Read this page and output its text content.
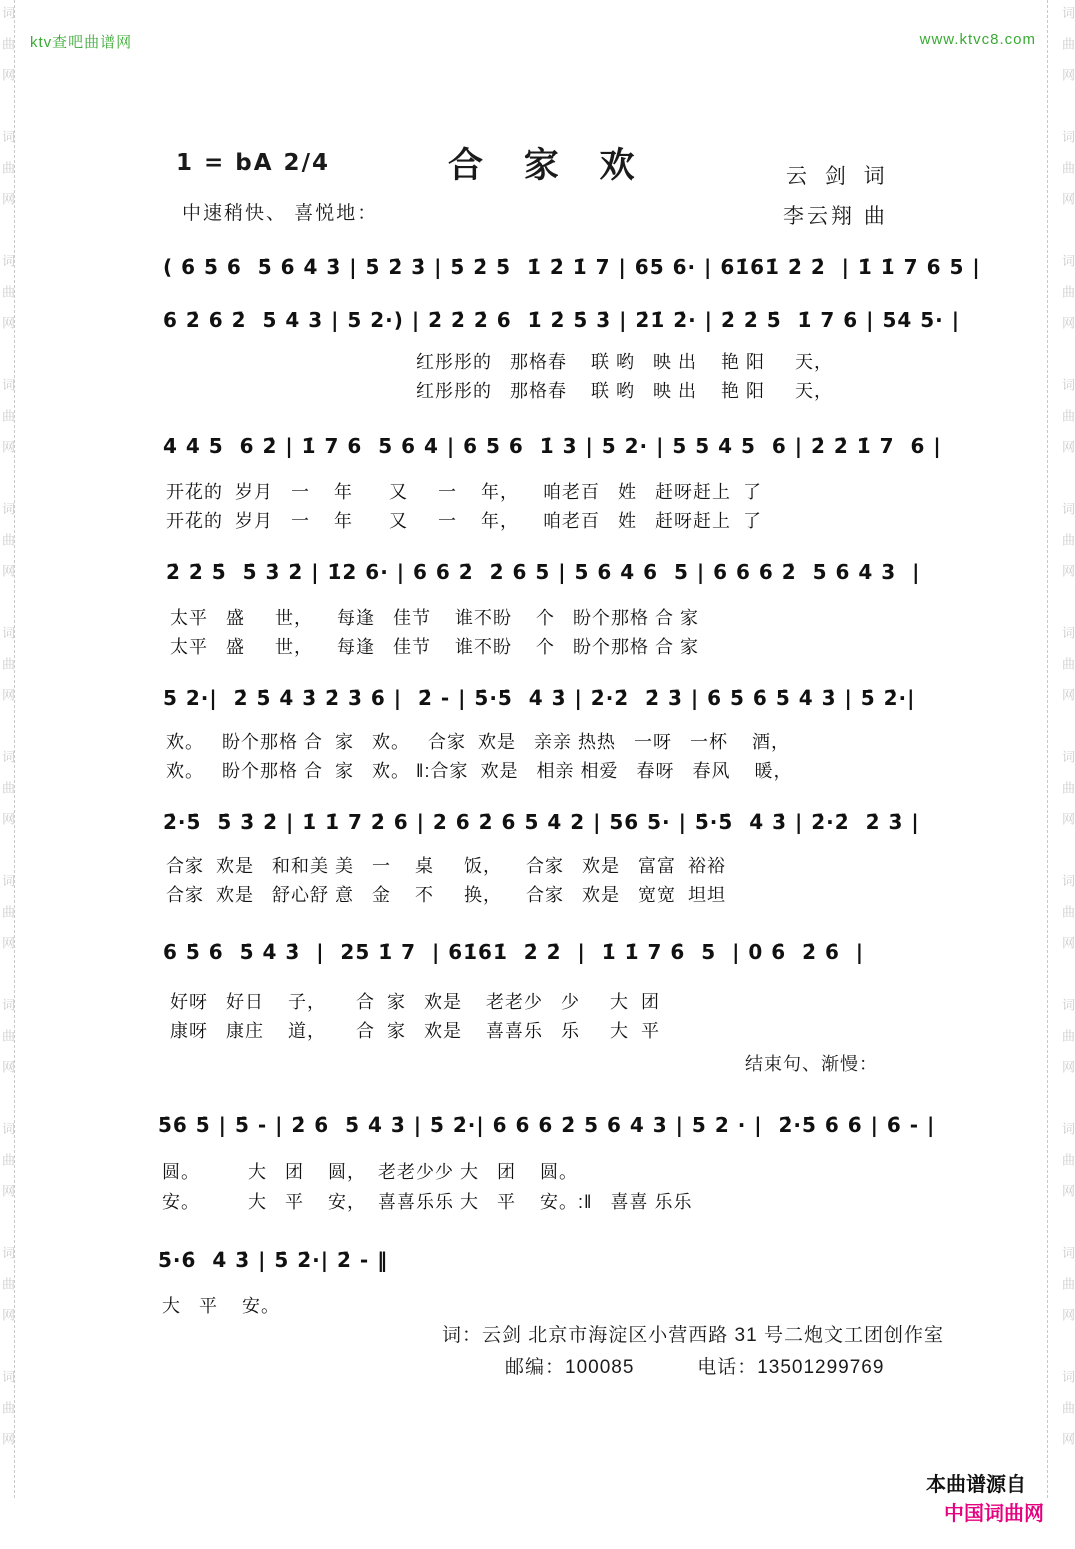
词曲网　词曲网　词曲网　词曲网　词曲网　词曲网　词曲网　词曲网　词曲网　词曲网　词曲网　词曲网	词曲网　词曲网　词曲网　词曲网　词曲网　词曲网　词曲网　词曲网　词曲网　词曲网　词曲网　词曲网
ktv查吧曲谱网	www.ktvc8.com
1 = bA 2/4	合 家 欢	云 剑 词
中速稍快、 喜悦地：	李云翔 曲
( 6̇ 5̇ 6̇  5̇ 6̇ 4̇ 3̇ | 5̇ 2̇ 3̇ | 5̇ 2̇ 5̇  1̇ 2̇ 1̇ 7 | 65 6· | 61̇61̇ 2̇ 2̇  | 1̇ 1̇ 7 6 5 |
6 2̇ 6 2̇  5 4 3 | 5 2·) | 2̇ 2̇ 2̇ 6  1̇ 2̇ 5̇ 3̇ | 2̇1̇ 2̇· | 2̇ 2̇ 5̇  1̇ 7 6 | 54 5· |
红彤彤的   那格春    联 哟   映 出    艳 阳     天，
红彤彤的   那格春    联 哟   映 出    艳 阳     天，
4 4 5  6 2̇ | 1̇ 7 6  5 6 4 | 6 5 6  1̇ 3 | 5 2· | 5 5 4 5  6 | 2̇ 2̇ 1̇ 7  6 |
开花的  岁月   一    年      又     一    年，    咱老百   姓   赶呀赶上  了
开花的  岁月   一    年      又     一    年，    咱老百   姓   赶呀赶上  了
2̇ 2̇ 5̇  5̇ 3̇ 2̇ | 1̇2 6· | 6 6 2̇  2̇ 6 5 | 5 6 4 6  5 | 6 6 6 2̇  5 6 4 3  |
太平   盛     世，    每逢   佳节    谁不盼    个   盼个那格 合 家
太平   盛     世，    每逢   佳节    谁不盼    个   盼个那格 合 家
5 2·|  2̇ 5̇ 4̇ 3̇ 2̇ 3̇ 6̇ |  2̇ - | 5̇·5̇  4̇ 3̇ | 2̇·2̇  2̇ 3̇ | 6̇ 5̇ 6̇ 5̇ 4̇ 3̇ | 5̇ 2̇·|
欢。   盼个那格 合  家   欢。   合家  欢是   亲亲 热热   一呀   一杯    酒，
欢。   盼个那格 合  家   欢。 ‖:合家  欢是   相亲 相爱   春呀   春风    暖，
2̇·5̇  5̇ 3̇ 2̇ | 1̇ 1̇ 7 2̇ 6 | 2 6 2̇ 6 5 4 2 | 56 5· | 5̇·5̇  4̇ 3̇ | 2̇·2̇  2̇ 3̇ |
合家  欢是   和和美 美   一    桌     饭，    合家   欢是   富富  裕裕
合家  欢是   舒心舒 意   金    不     换，    合家   欢是   宽宽  坦坦
6 5̇ 6̇  5̇ 4̇ 3̇  |  25 1̇ 7  | 61̇61̇  2̇ 2̇  |  1̇ 1̇ 7 6̇  5  | 0 6̇  2̇ 6̇  |
好呀   好日    子，     合  家   欢是    老老少   少     大  团
康呀   康庄    道，     合  家   欢是    喜喜乐   乐     大  平
结束句、渐慢：
5̇6̇ 5̇ | 5̇ - | 2̇ 6̇  5̇ 4̇ 3̇ | 5̇ 2̇·| 6 6 6 2̇ 5 6 4 3 | 5 2 · |  2̇·5̇ 6̇ 6̇ | 6̇ - |
圆。        大   团    圆，  老老少少 大   团    圆。
安。        大   平    安，  喜喜乐乐 大   平    安。:‖   喜喜 乐乐
5̇·6̇  4̇ 3̇ | 5̇ 2̇·| 2̇ - ‖
大   平    安。
词：云剑 北京市海淀区小营西路 31 号二炮文工团创作室
邮编：100085          电话：13501299769

本曲谱源自
中国词曲网
